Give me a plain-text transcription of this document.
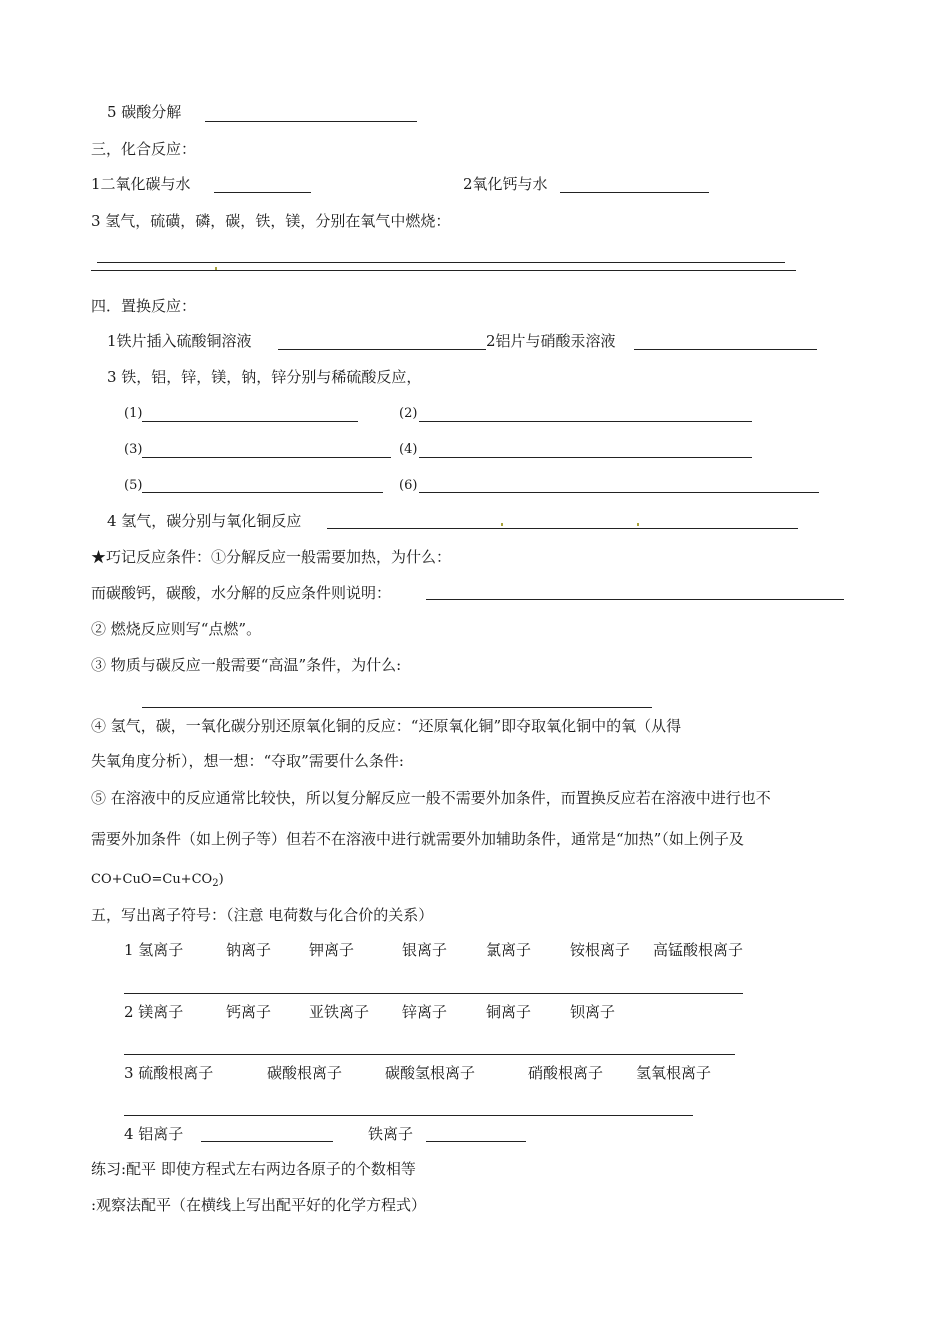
5 碳酸分解
三，化合反应：
1二氧化碳与水	2氧化钙与水
3 氢气，硫磺，磷，碳，铁，镁，分别在氧气中燃烧：
四．置换反应：
1铁片插入硫酸铜溶液	2铝片与硝酸汞溶液
3 铁，铝，锌，镁，钠，锌分别与稀硫酸反应，
(1)	(2)
(3)	(4)
(5)	(6)
4 氢气，碳分别与氧化铜反应
★巧记反应条件：①分解反应一般需要加热，为什么：
而碳酸钙，碳酸，水分解的反应条件则说明：
② 燃烧反应则写“点燃”。
③ 物质与碳反应一般需要“高温”条件，为什么:
④ 氢气，碳，一氧化碳分别还原氧化铜的反应：“还原氧化铜”即夺取氧化铜中的氧（从得
失氧角度分析），想一想：“夺取”需要什么条件:
⑤ 在溶液中的反应通常比较快，所以复分解反应一般不需要外加条件，而置换反应若在溶液中进行也不
需要外加条件（如上例子等）但若不在溶液中进行就需要外加辅助条件，通常是“加热”（如上例子及
$CO+CuO=Cu+CO_2$)
五，写出离子符号：（注意 电荷数与化合价的关系）
1 氢离子	钠离子	钾离子	银离子	氯离子	铵根离子 高锰酸根离子
2 镁离子	钙离子	亚铁离子 锌离子	铜离子	钡离子
3 硫酸根离子	碳酸根离子	碳酸氢根离子	硝酸根离子 氢氧根离子
4 铝离子	铁离子
练习:配平 即使方程式左右两边各原子的个数相等
:观察法配平（在横线上写出配平好的化学方程式）
